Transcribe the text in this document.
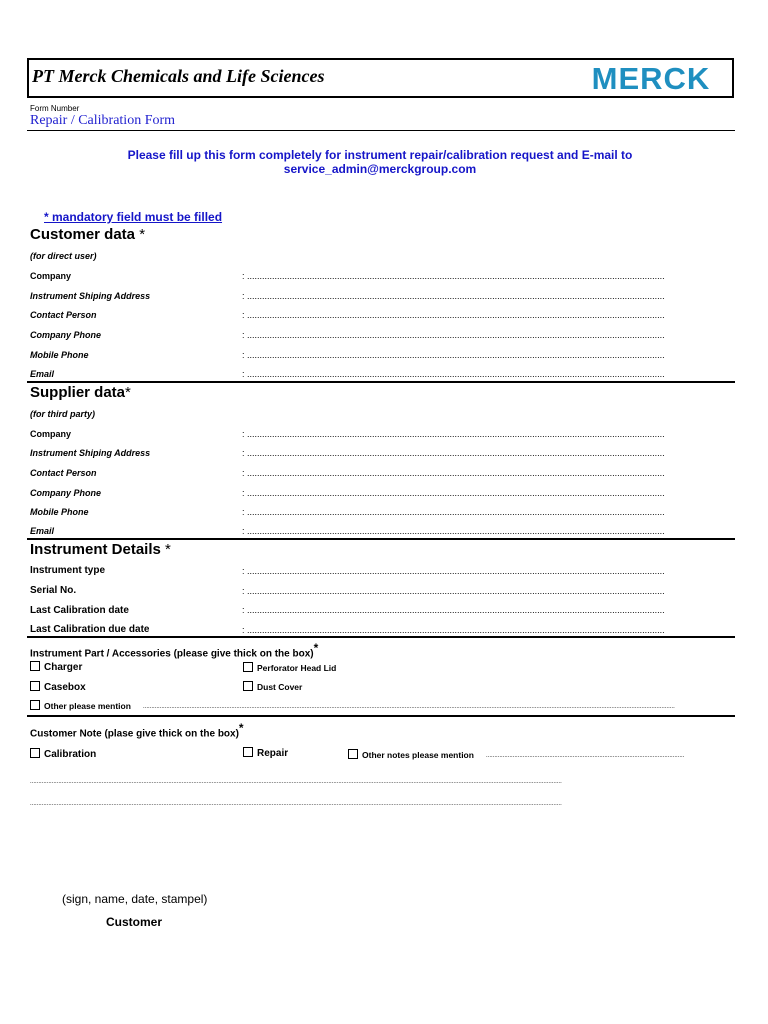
PT Merck Chemicals and Life Sciences	MERCK
Form Number
Repair / Calibration Form
Please fill up this form completely for instrument repair/calibration request and E-mail to
service_admin@merckgroup.com
* mandatory field must be filled
Customer data *
(for direct user)
Company	: .....
Instrument Shiping Address	: .....
Contact Person	: .....
Company Phone	: .....
Mobile Phone	: .....
Email	: .....
Supplier data*
(for third party)
Company	: .....
Instrument Shiping Address	: .....
Contact Person	: .....
Company Phone	: .....
Mobile Phone	: .....
Email	: .....
Instrument Details *
Instrument type	: .....
Serial No.	: .....
Last Calibration date	: .....
Last Calibration due date	: .....
Instrument Part / Accessories (please give thick on the box)*
Charger	Perforator Head Lid
Casebox	Dust Cover
Other please mention
.....
Customer Note (plase give thick on the box)*
Calibration	Repair	Other notes please mention
.....
.....
.....
(sign, name, date, stampel)
Customer
